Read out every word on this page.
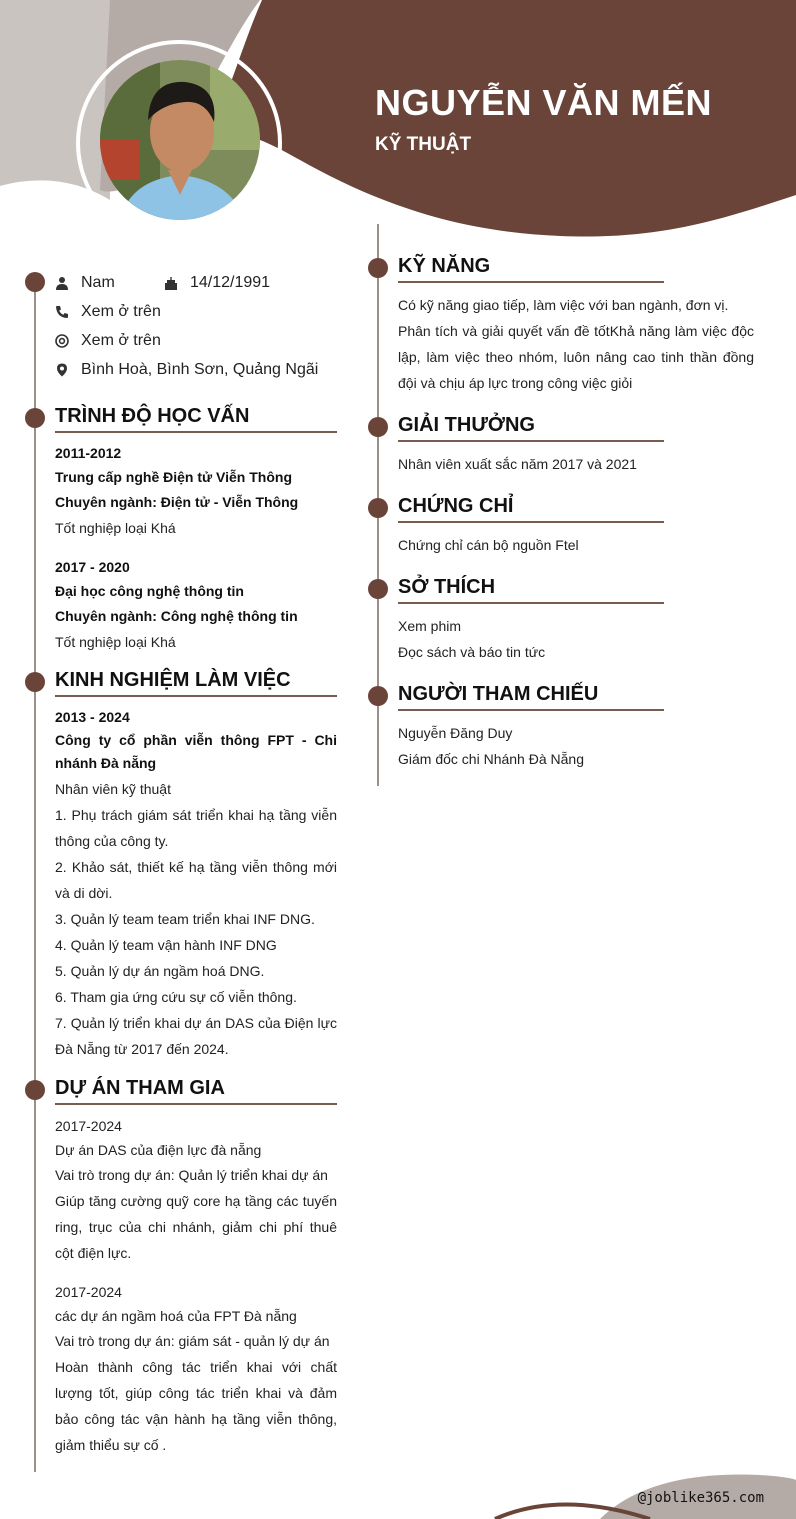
NGUYỄN VĂN MẾN
KỸ THUẬT
Nam	14/12/1991
Xem ở trên
Xem ở trên
Bình Hoà, Bình Sơn, Quảng Ngãi
TRÌNH ĐỘ HỌC VẤN
2011-2012
Trung cấp nghề Điện tử Viễn Thông
Chuyên ngành: Điện tử - Viễn Thông
Tốt nghiệp loại Khá
2017 - 2020
Đại học công nghệ thông tin
Chuyên ngành: Công nghệ thông tin
Tốt nghiệp loại Khá
KINH NGHIỆM LÀM VIỆC
2013 - 2024
Công ty cổ phần viễn thông FPT - Chi nhánh Đà nẵng
Nhân viên kỹ thuật
1. Phụ trách giám sát triển khai hạ tầng viễn thông của công ty.
2. Khảo sát, thiết kế hạ tầng viễn thông mới và di dời.
3. Quản lý team team triển khai INF DNG.
4. Quản lý team vận hành INF DNG
5. Quản lý dự án ngầm hoá DNG.
6. Tham gia ứng cứu sự cố viễn thông.
7. Quản lý triển khai dự án DAS của Điện lực Đà Nẵng từ 2017 đến 2024.
DỰ ÁN THAM GIA
2017-2024
Dự án DAS của điện lực đà nẵng
Vai trò trong dự án: Quản lý triển khai dự án
Giúp tăng cường quỹ core hạ tầng các tuyến ring, trục của chi nhánh, giảm chi phí thuê cột điện lực.
2017-2024
các dự án ngầm hoá của FPT Đà nẵng
Vai trò trong dự án: giám sát - quản lý dự án
Hoàn thành công tác triển khai với chất lượng tốt, giúp công tác triển khai và đảm bảo công tác vận hành hạ tầng viễn thông, giảm thiểu sự cố .
KỸ NĂNG
Có kỹ năng giao tiếp, làm việc với ban ngành, đơn vị.
Phân tích và giải quyết vấn đề tốtKhả năng làm việc độc lập, làm việc theo nhóm, luôn nâng cao tinh thần đồng đội và chịu áp lực trong công việc giỏi
GIẢI THƯỞNG
Nhân viên xuất sắc năm 2017 và 2021
CHỨNG CHỈ
Chứng chỉ cán bộ nguồn Ftel
SỞ THÍCH
Xem phim
Đọc sách và báo tin tức
NGƯỜI THAM CHIẾU
Nguyễn Đăng Duy
Giám đốc chi Nhánh Đà Nẵng
@joblike365.com
